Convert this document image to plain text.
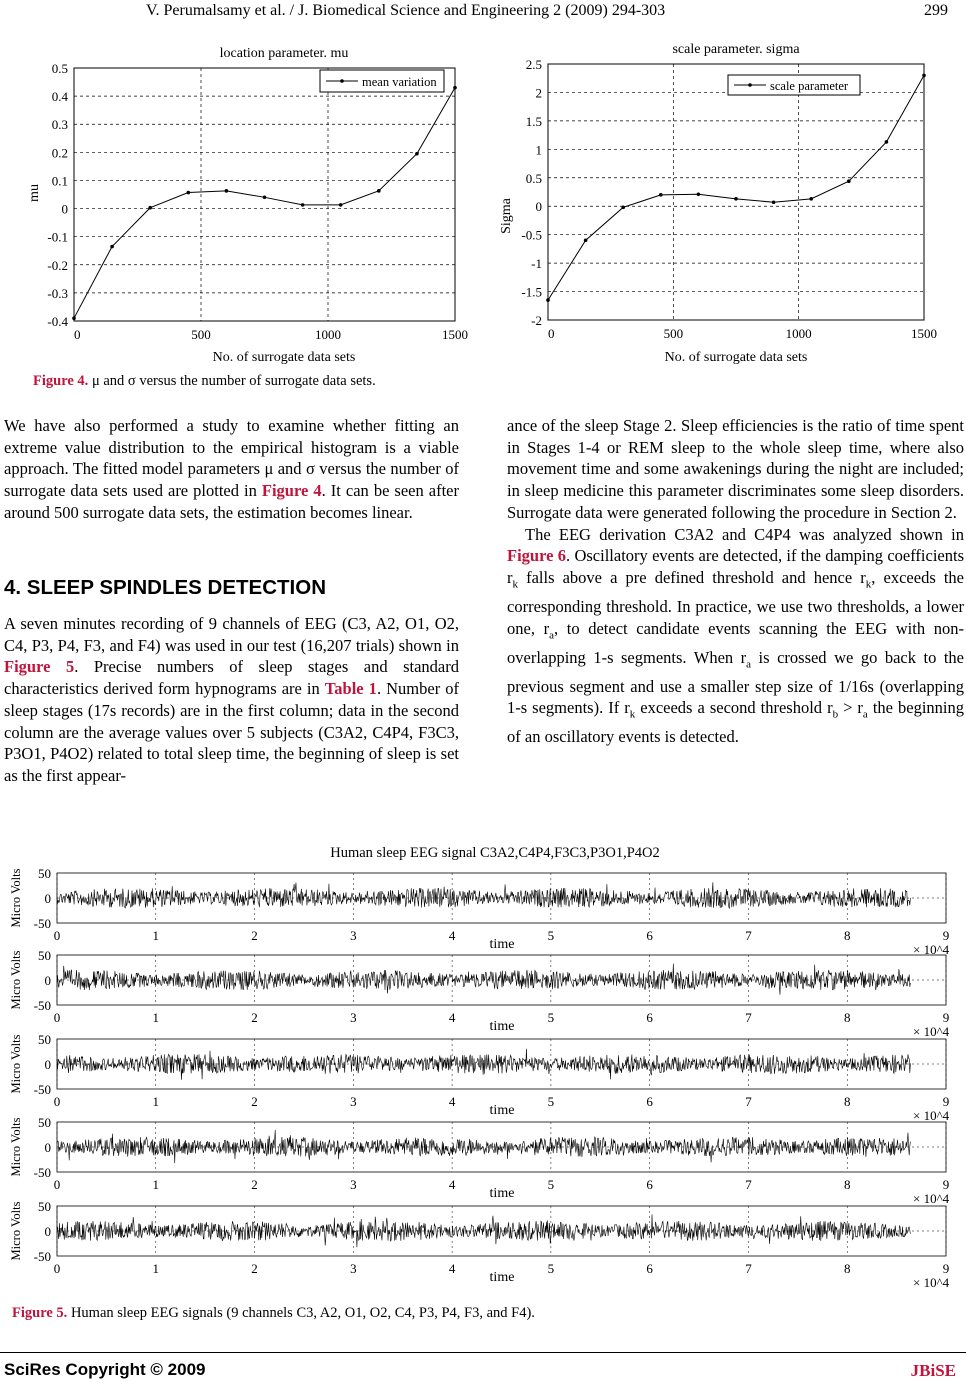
V. Perumalsamy et al. / J. Biomedical Science and Engineering 2 (2009) 294-303	299
location parameter. mu
0.5
0.4
0.3
0.2
0.1
0
-0.1
-0.2
-0.3
-0.4
0	500	1000	1500
No. of surrogate data sets
mu
mean variation
scale parameter. sigma
2.5
2
1.5
1
0.5
0
-0.5
-1
-1.5
-2
0	500	1000	1500
No. of surrogate data sets
Sigma
scale parameter
Figure 4. μ and σ versus the number of surrogate data sets.

We have also performed a study to examine whether fitting an extreme value distribution to the empirical histogram is a viable approach. The fitted model parameters μ and σ versus the number of surrogate data sets used are plotted in Figure 4. It can be seen after around 500 surrogate data sets, the estimation becomes linear.

4. SLEEP SPINDLES DETECTION

A seven minutes recording of 9 channels of EEG (C3, A2, O1, O2, C4, P3, P4, F3, and F4) was used in our test (16,207 trials) shown in Figure 5. Precise numbers of sleep stages and standard characteristics derived form hypnograms are in Table 1. Number of sleep stages (17s records) are in the first column; data in the second column are the average values over 5 subjects (C3A2, C4P4, F3C3, P3O1, P4O2) related to total sleep time, the beginning of sleep is set as the first appear-

ance of the sleep Stage 2. Sleep efficiencies is the ratio of time spent in Stages 1-4 or REM sleep to the whole sleep time, where also movement time and some awakenings during the night are included; in sleep medicine this parameter discriminates some sleep disorders. Surrogate data were generated following the procedure in Section 2.

The EEG derivation C3A2 and C4P4 was analyzed shown in Figure 6. Oscillatory events are detected, if the damping coefficients $r_k$ falls above a pre defined threshold and hence $r_k$, exceeds the corresponding threshold. In practice, we use two thresholds, a lower one, $r_a$, to detect candidate events scanning the EEG with non-overlapping 1-s segments. When $r_a$ is crossed we go back to the previous segment and use a smaller step size of 1/16s (overlapping 1-s segments). If $r_k$ exceeds a second threshold $r_b > r_a$ the beginning of an oscillatory events is detected.

Human sleep EEG signal C3A2,C4P4,F3C3,P3O1,P4O2
50
0
-50
0	1	2	3	4	5	6	7	8	9
time	× 10^4
Micro Volts
50
0
-50
0	1	2	3	4	5	6	7	8	9
time	× 10^4
Micro Volts
50
0
-50
0	1	2	3	4	5	6	7	8	9
time	× 10^4
Micro Volts
50
0
-50
0	1	2	3	4	5	6	7	8	9
time	× 10^4
Micro Volts
50
0
-50
0	1	2	3	4	5	6	7	8	9
time	× 10^4
Micro Volts
Figure 5. Human sleep EEG signals (9 channels C3, A2, O1, O2, C4, P3, P4, F3, and F4).
SciRes Copyright © 2009	JBiSE
